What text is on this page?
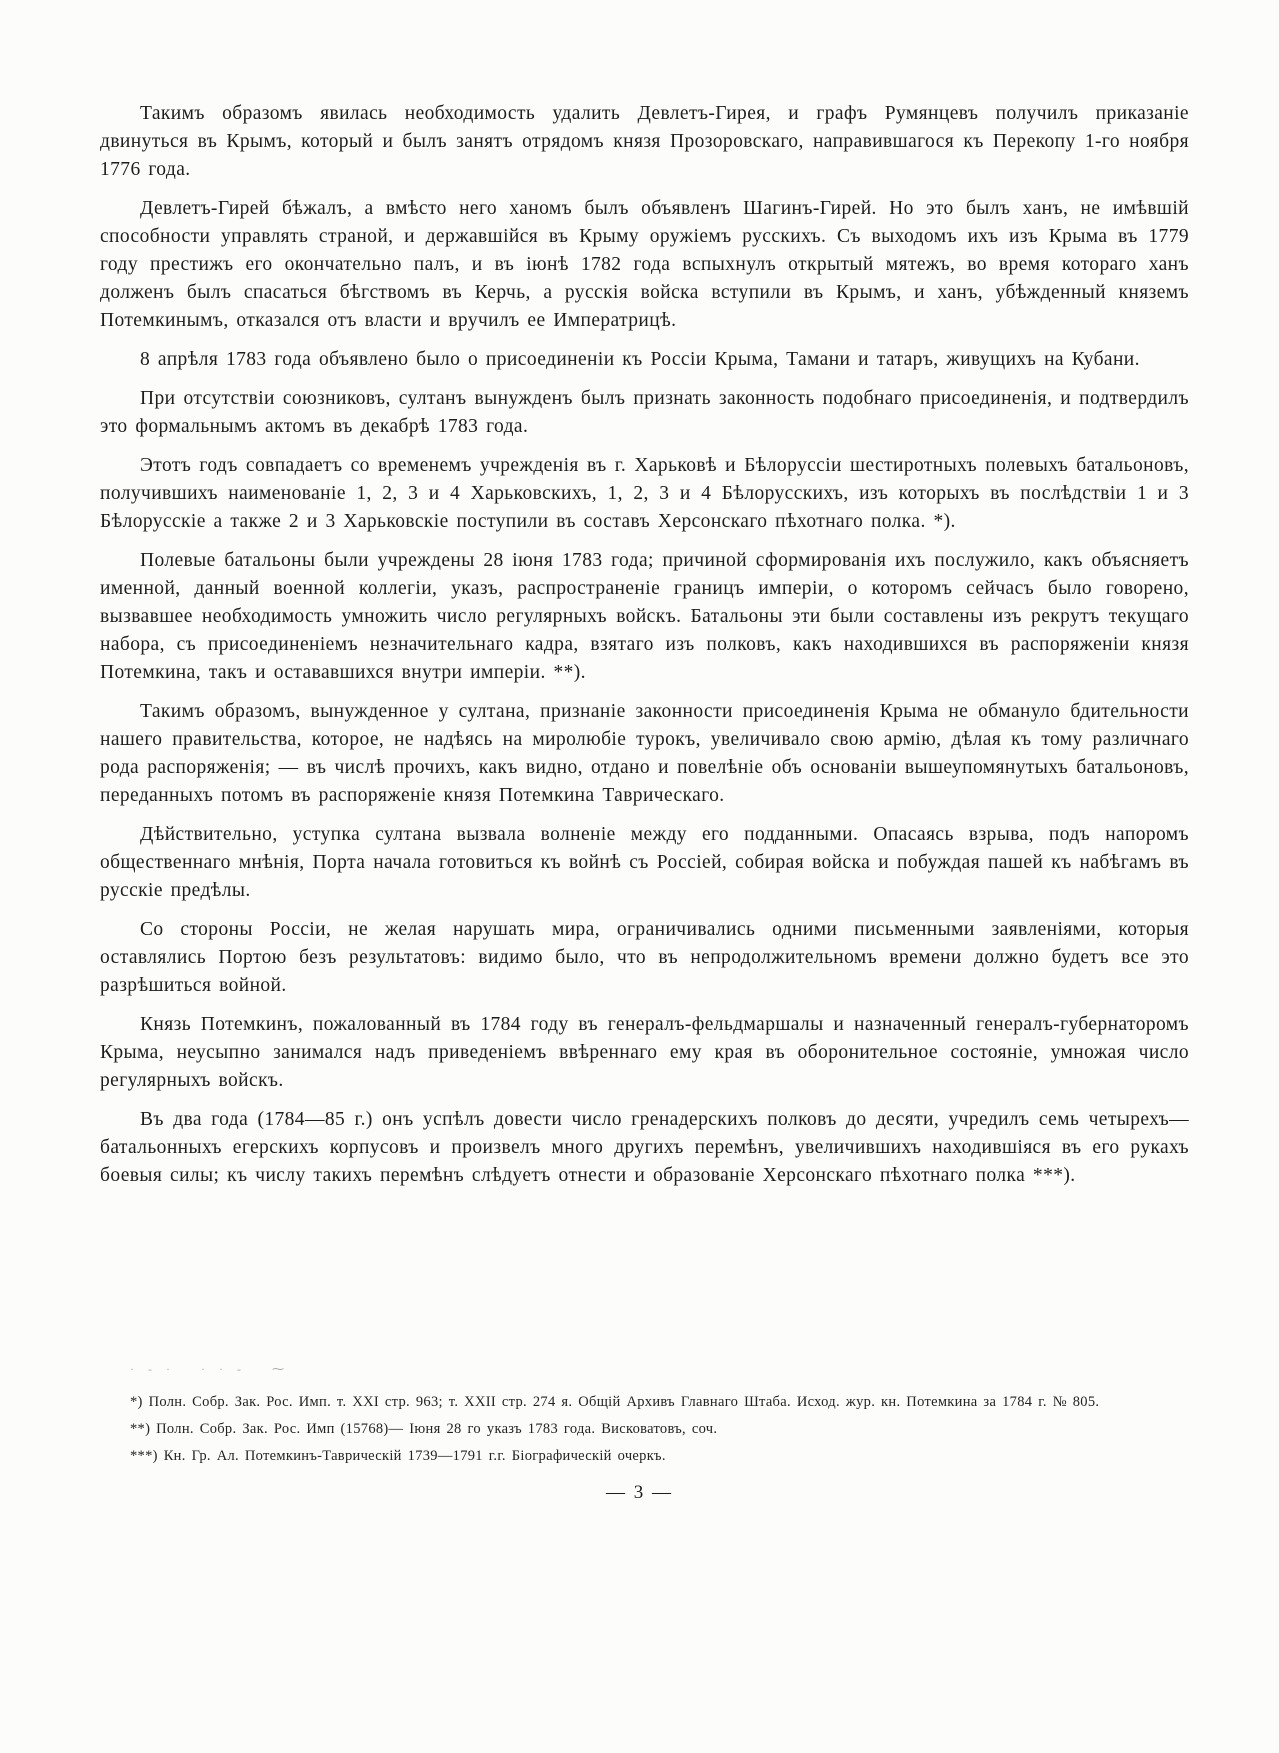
Такимъ образомъ явилась необходимость удалить Девлетъ-Гирея, и графъ Румянцевъ получилъ приказаніе двинуться въ Крымъ, который и былъ занятъ отрядомъ князя Прозоровскаго, направившагося къ Перекопу 1-го ноября 1776 года.

Девлетъ-Гирей бѣжалъ, а вмѣсто него ханомъ былъ объявленъ Шагинъ-Гирей. Но это былъ ханъ, не имѣвшій способности управлять страной, и державшійся въ Крыму оружіемъ русскихъ. Съ выходомъ ихъ изъ Крыма въ 1779 году престижъ его окончательно палъ, и въ іюнѣ 1782 года вспыхнулъ открытый мятежъ, во время котораго ханъ долженъ былъ спасаться бѣгствомъ въ Керчь, а русскія войска вступили въ Крымъ, и ханъ, убѣжденный княземъ Потемкинымъ, отказался отъ власти и вручилъ ее Императрицѣ.

8 апрѣля 1783 года объявлено было о присоединеніи къ Россіи Крыма, Тамани и татаръ, живущихъ на Кубани.

При отсутствіи союзниковъ, султанъ вынужденъ былъ признать законность подобнаго присоединенія, и подтвердилъ это формальнымъ актомъ въ декабрѣ 1783 года.

Этотъ годъ совпадаетъ со временемъ учрежденія въ г. Харьковѣ и Бѣлоруссіи шестиротныхъ полевыхъ батальоновъ, получившихъ наименованіе 1, 2, 3 и 4 Харьковскихъ, 1, 2, 3 и 4 Бѣлорусскихъ, изъ которыхъ въ послѣдствіи 1 и 3 Бѣлорусскіе а также 2 и 3 Харьковскіе поступили въ составъ Херсонскаго пѣхотнаго полка. *).

Полевые батальоны были учреждены 28 іюня 1783 года; причиной сформированія ихъ послужило, какъ объясняетъ именной, данный военной коллегіи, указъ, распространеніе границъ имперіи, о которомъ сейчасъ было говорено, вызвавшее необходимость умножить число регулярныхъ войскъ. Батальоны эти были составлены изъ рекрутъ текущаго набора, съ присоединеніемъ незначительнаго кадра, взятаго изъ полковъ, какъ находившихся въ распоряженіи князя Потемкина, такъ и остававшихся внутри имперіи. **).

Такимъ образомъ, вынужденное у султана, признаніе законности присоединенія Крыма не обмануло бдительности нашего правительства, которое, не надѣясь на миролюбіе турокъ, увеличивало свою армію, дѣлая къ тому различнаго рода распоряженія; — въ числѣ прочихъ, какъ видно, отдано и повелѣніе объ основаніи вышеупомянутыхъ батальоновъ, переданныхъ потомъ въ распоряженіе князя Потемкина Таврическаго.

Дѣйствительно, уступка султана вызвала волненіе между его подданными. Опасаясь взрыва, подъ напоромъ общественнаго мнѣнія, Порта начала готовиться къ войнѣ съ Россіей, собирая войска и побуждая пашей къ набѣгамъ въ русскіе предѣлы.

Со стороны Россіи, не желая нарушать мира, ограничивались одними письменными заявленіями, которыя оставлялись Портою безъ результатовъ: видимо было, что въ непродолжительномъ времени должно будетъ все это разрѣшиться войной.

Князь Потемкинъ, пожалованный въ 1784 году въ генералъ-фельдмаршалы и назначенный генералъ-губернаторомъ Крыма, неусыпно занимался надъ приведеніемъ ввѣреннаго ему края въ оборонительное состояніе, умножая число регулярныхъ войскъ.

Въ два года (1784—85 г.) онъ успѣлъ довести число гренадерскихъ полковъ до десяти, учредилъ семь четырехъ—батальонныхъ егерскихъ корпусовъ и произвелъ много другихъ перемѣнъ, увеличившихъ находившіяся въ его рукахъ боевыя силы; къ числу такихъ перемѣнъ слѣдуетъ отнести и образованіе Херсонскаго пѣхотнаго полка ***).

·-· ··- ⁓

*) Полн. Собр. Зак. Рос. Имп. т. XXI стр. 963; т. XXII стр. 274 я. Общій Архивъ Главнаго Штаба. Исход. жур. кн. Потемкина за 1784 г. № 805.

**) Полн. Собр. Зак. Рос. Имп (15768)— Іюня 28 го указъ 1783 года. Висковатовъ, соч.

***) Кн. Гр. Ал. Потемкинъ-Таврическій 1739—1791 г.г. Біографическій очеркъ.

— 3 —
